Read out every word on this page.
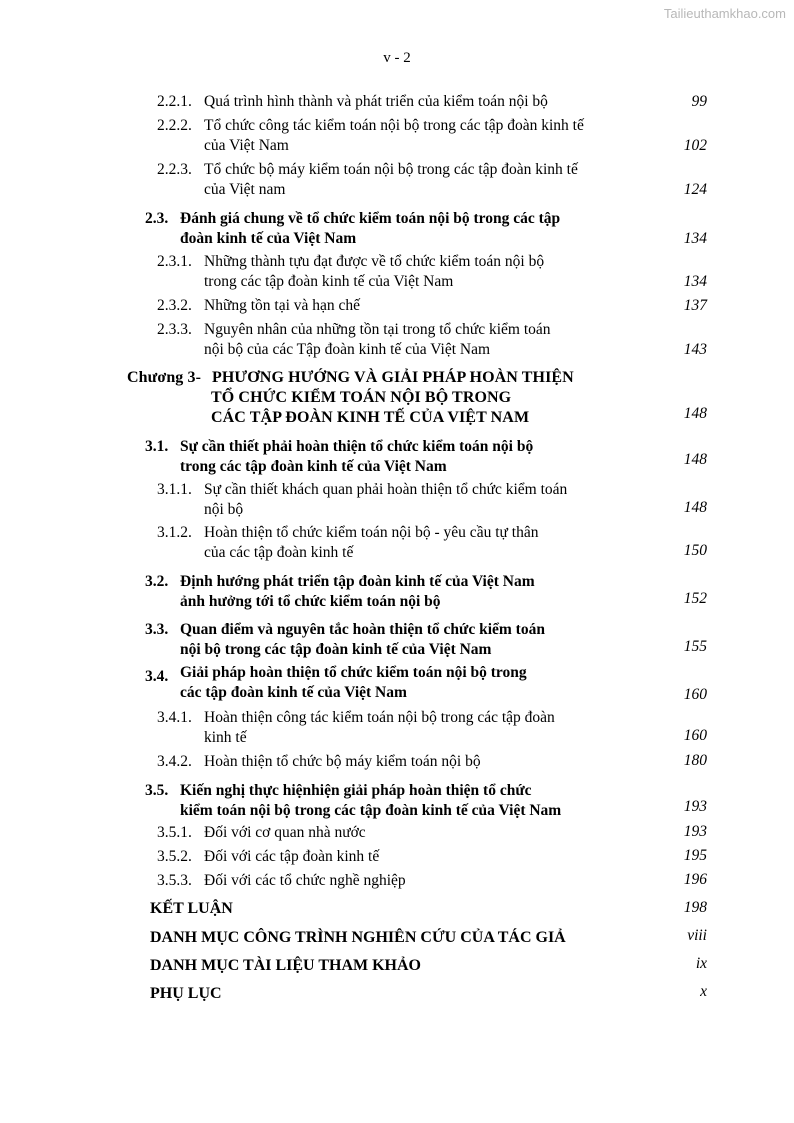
Tailieuthamkhao.com
v - 2
2.2.1. Quá trình hình thành và phát triển của kiểm toán nội bộ	99
2.2.2. Tổ chức công tác kiểm toán nội bộ trong các tập đoàn kinh tế
của Việt Nam	102
2.2.3. Tổ chức bộ máy kiểm toán nội bộ trong các tập đoàn kinh tế
của Việt nam	124
2.3. Đánh giá chung về tổ chức kiểm toán nội bộ trong các tập
đoàn kinh tế của Việt Nam	134
2.3.1. Những thành tựu đạt được về tổ chức kiểm toán nội bộ
trong các tập đoàn kinh tế của Việt Nam	134
2.3.2. Những tồn tại và hạn chế	137
2.3.3. Nguyên nhân của những tồn tại trong tổ chức kiểm toán
nội bộ của các Tập đoàn kinh tế của Việt Nam	143
Chương 3- PHƯƠNG HƯỚNG VÀ GIẢI PHÁP HOÀN THIỆN
TỔ CHỨC KIỂM TOÁN NỘI BỘ TRONG
CÁC TẬP ĐOÀN KINH TẾ CỦA VIỆT NAM	148
3.1. Sự cần thiết phải hoàn thiện tổ chức kiểm toán nội bộ
trong các tập đoàn kinh tế của Việt Nam	148
3.1.1. Sự cần thiết khách quan phải hoàn thiện tổ chức kiểm toán
nội bộ	148
3.1.2. Hoàn thiện tổ chức kiểm toán nội bộ - yêu cầu tự thân
của các tập đoàn kinh tế	150
3.2. Định hướng phát triển tập đoàn kinh tế của Việt Nam
ảnh hưởng tới tổ chức kiểm toán nội bộ	152
3.3. Quan điểm và nguyên tắc hoàn thiện tổ chức kiểm toán
nội bộ trong các tập đoàn kinh tế của Việt Nam	155
3.4. Giải pháp hoàn thiện tổ chức kiểm toán nội bộ trong
các tập đoàn kinh tế của Việt Nam	160
3.4.1. Hoàn thiện công tác kiểm toán nội bộ trong các tập đoàn
kinh tế	160
3.4.2. Hoàn thiện tổ chức bộ máy kiểm toán nội bộ	180
3.5. Kiến nghị thực hiệnhiện giải pháp hoàn thiện tổ chức
kiểm toán nội bộ trong các tập đoàn kinh tế của Việt Nam	193
3.5.1. Đối với cơ quan nhà nước	193
3.5.2. Đối với các tập đoàn kinh tế	195
3.5.3. Đối với các tổ chức nghề nghiệp	196
KẾT LUẬN	198
DANH MỤC CÔNG TRÌNH NGHIÊN CỨU CỦA TÁC GIẢ	viii
DANH MỤC TÀI LIỆU THAM KHẢO	ix
PHỤ LỤC	x
